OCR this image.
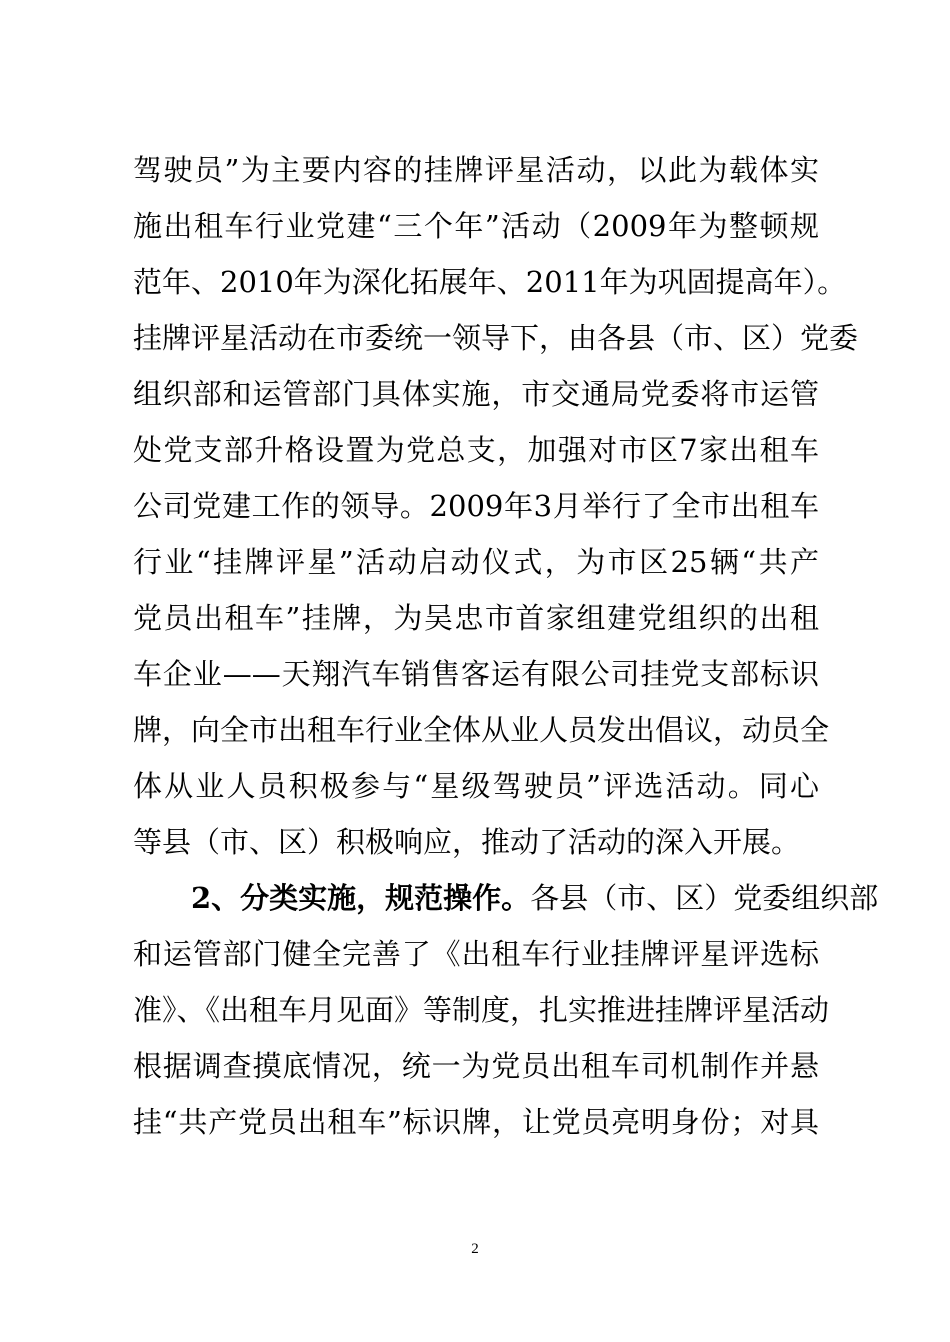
驾驶员”为主要内容的挂牌评星活动，以此为载体实
施出租车行业党建“三个年”活动（2009年为整顿规
范年、2010年为深化拓展年、2011年为巩固提高年）。
挂牌评星活动在市委统一领导下，由各县（市、区）党委
组织部和运管部门具体实施，市交通局党委将市运管
处党支部升格设置为党总支，加强对市区7家出租车
公司党建工作的领导。2009年3月举行了全市出租车
行业“挂牌评星”活动启动仪式，为市区25辆“共产
党员出租车”挂牌，为吴忠市首家组建党组织的出租
车企业——天翔汽车销售客运有限公司挂党支部标识
牌，向全市出租车行业全体从业人员发出倡议，动员全
体从业人员积极参与“星级驾驶员”评选活动。同心
等县（市、区）积极响应，推动了活动的深入开展。
2、分类实施，规范操作。各县（市、区）党委组织部
和运管部门健全完善了《出租车行业挂牌评星评选标
准》、《出租车月见面》等制度，扎实推进挂牌评星活动
根据调查摸底情况，统一为党员出租车司机制作并悬
挂“共产党员出租车”标识牌，让党员亮明身份；对具
2
